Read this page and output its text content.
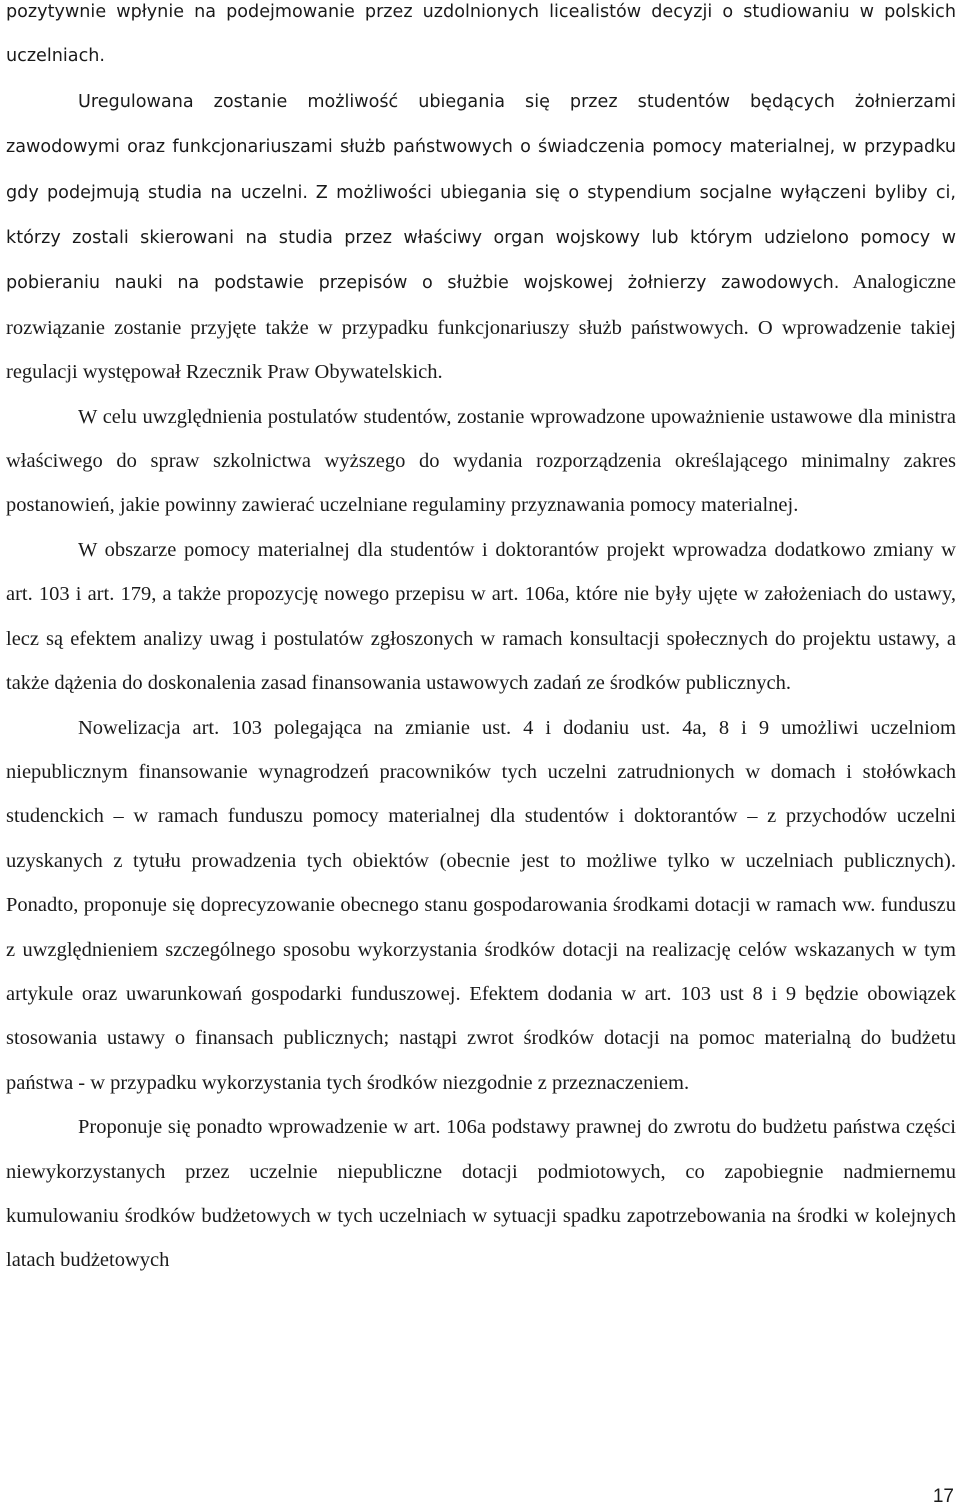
pozytywnie wpłynie na podejmowanie przez uzdolnionych licealistów decyzji o studiowaniu w polskich uczelniach.

Uregulowana zostanie możliwość ubiegania się przez studentów będących żołnierzami zawodowymi oraz funkcjonariuszami służb państwowych o świadczenia pomocy materialnej, w przypadku gdy podejmują studia na uczelni. Z możliwości ubiegania się o stypendium socjalne wyłączeni byliby ci, którzy zostali skierowani na studia przez właściwy organ wojskowy lub którym udzielono pomocy w pobieraniu nauki na podstawie przepisów o służbie wojskowej żołnierzy zawodowych. Analogiczne rozwiązanie zostanie przyjęte także w przypadku funkcjonariuszy służb państwowych. O wprowadzenie takiej regulacji występował Rzecznik Praw Obywatelskich.

W celu uwzględnienia postulatów studentów, zostanie wprowadzone upoważnienie ustawowe dla ministra właściwego do spraw szkolnictwa wyższego do wydania rozporządzenia określającego minimalny zakres postanowień, jakie powinny zawierać uczelniane regulaminy przyznawania pomocy materialnej.

W obszarze pomocy materialnej dla studentów i doktorantów projekt wprowadza dodatkowo zmiany w art. 103 i art. 179, a także propozycję nowego przepisu w art. 106a, które nie były ujęte w założeniach do ustawy, lecz są efektem analizy uwag i postulatów zgłoszonych w ramach konsultacji społecznych do projektu ustawy, a także dążenia do doskonalenia zasad finansowania ustawowych zadań ze środków publicznych.

Nowelizacja art. 103 polegająca na zmianie ust. 4 i dodaniu ust. 4a, 8 i 9 umożliwi uczelniom niepublicznym finansowanie wynagrodzeń pracowników tych uczelni zatrudnionych w domach i stołówkach studenckich – w ramach funduszu pomocy materialnej dla studentów i doktorantów – z przychodów uczelni uzyskanych z tytułu prowadzenia tych obiektów (obecnie jest to możliwe tylko w uczelniach publicznych). Ponadto, proponuje się doprecyzowanie obecnego stanu gospodarowania środkami dotacji w ramach ww. funduszu z uwzględnieniem szczególnego sposobu wykorzystania środków dotacji na realizację celów wskazanych w tym artykule oraz uwarunkowań gospodarki funduszowej. Efektem dodania w art. 103 ust 8 i 9 będzie obowiązek stosowania ustawy o finansach publicznych; nastąpi zwrot środków dotacji na pomoc materialną do budżetu państwa - w przypadku wykorzystania tych środków niezgodnie z przeznaczeniem.

Proponuje się ponadto wprowadzenie w art. 106a podstawy prawnej do zwrotu do budżetu państwa części niewykorzystanych przez uczelnie niepubliczne dotacji podmiotowych, co zapobiegnie nadmiernemu kumulowaniu środków budżetowych w tych uczelniach w sytuacji spadku zapotrzebowania na środki w kolejnych latach budżetowych

17
